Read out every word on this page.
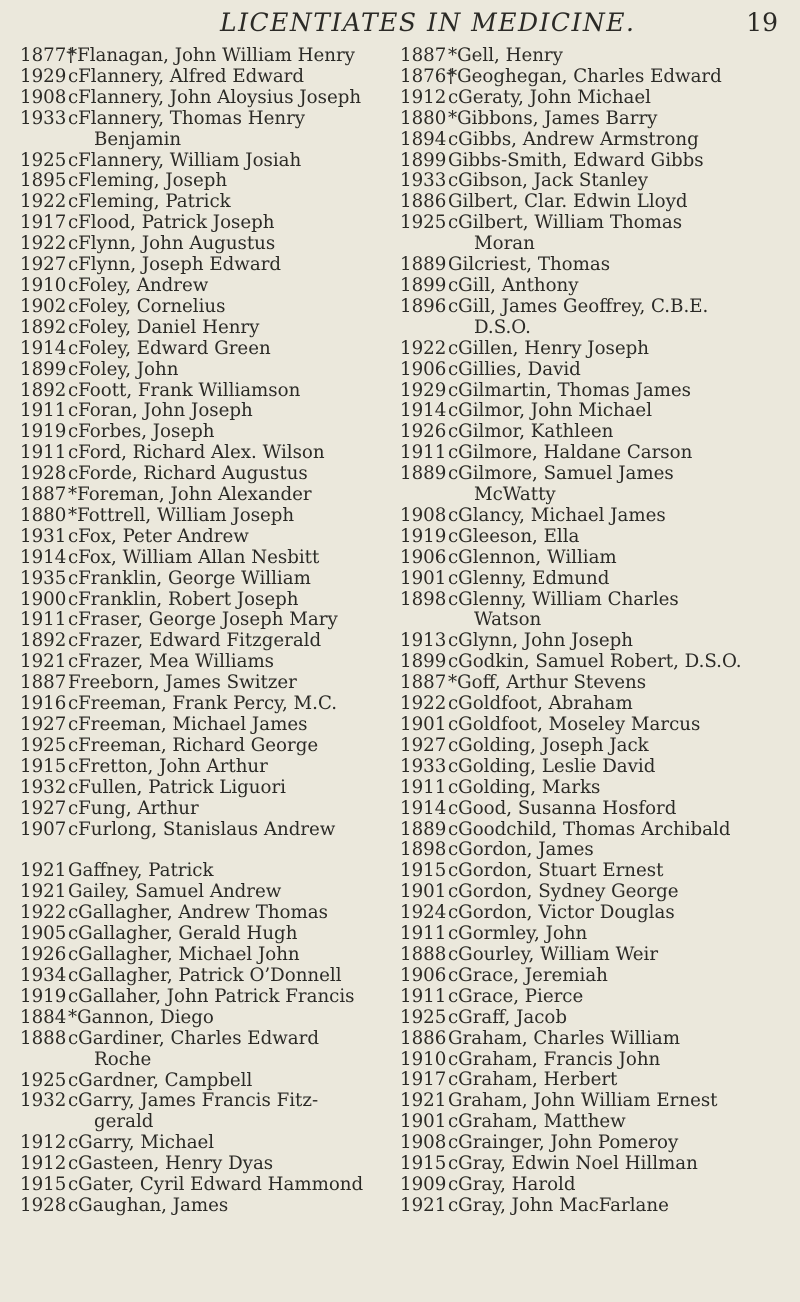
LICENTIATES IN MEDICINE.	19
1877†
*Flanagan, John William Henry
1929 cFlannery, Alfred Edward
1908 cFlannery, John Aloysius Joseph
1933 cFlannery, Thomas Henry
Benjamin
1925 cFlannery, William Josiah
1895 cFleming, Joseph
1922 cFleming, Patrick
1917 cFlood, Patrick Joseph
1922 cFlynn, John Augustus
1927 cFlynn, Joseph Edward
1910 cFoley, Andrew
1902 cFoley, Cornelius
1892 cFoley, Daniel Henry
1914 cFoley, Edward Green
1899 cFoley, John
1892 cFoott, Frank Williamson
1911 cForan, John Joseph
1919 cForbes, Joseph
1911 cFord, Richard Alex. Wilson
1928 cForde, Richard Augustus
1887 *Foreman, John Alexander
1880 *Fottrell, William Joseph
1931 cFox, Peter Andrew
1914 cFox, William Allan Nesbitt
1935 cFranklin, George William
1900 cFranklin, Robert Joseph
1911 cFraser, George Joseph Mary
1892 cFrazer, Edward Fitzgerald
1921 cFrazer, Mea Williams
1887 Freeborn, James Switzer
1916 cFreeman, Frank Percy, M.C.
1927 cFreeman, Michael James
1925 cFreeman, Richard George
1915 cFretton, John Arthur
1932 cFullen, Patrick Liguori
1927 cFung, Arthur
1907 cFurlong, Stanislaus Andrew
1921 Gaffney, Patrick
1921 Gailey, Samuel Andrew
1922 cGallagher, Andrew Thomas
1905 cGallagher, Gerald Hugh
1926 cGallagher, Michael John
1934 cGallagher, Patrick O’Donnell
1919 cGallaher, John Patrick Francis
1884 *Gannon, Diego
1888 cGardiner, Charles Edward
Roche
1925 cGardner, Campbell
1932 cGarry, James Francis Fitz-
gerald
1912 cGarry, Michael
1912 cGasteen, Henry Dyas
1915 cGater, Cyril Edward Hammond
1928 cGaughan, James
1887 *Gell, Henry
1876†
*Geoghegan, Charles Edward
1912 cGeraty, John Michael
1880 *Gibbons, James Barry
1894 cGibbs, Andrew Armstrong
1899 Gibbs-Smith, Edward Gibbs
1933 cGibson, Jack Stanley
1886 Gilbert, Clar. Edwin Lloyd
1925 cGilbert, William Thomas
Moran
1889 Gilcriest, Thomas
1899 cGill, Anthony
1896 cGill, James Geoffrey, C.B.E.
D.S.O.
1922 cGillen, Henry Joseph
1906 cGillies, David
1929 cGilmartin, Thomas James
1914 cGilmor, John Michael
1926 cGilmor, Kathleen
1911 cGilmore, Haldane Carson
1889 cGilmore, Samuel James
McWatty
1908 cGlancy, Michael James
1919 cGleeson, Ella
1906 cGlennon, William
1901 cGlenny, Edmund
1898 cGlenny, William Charles
Watson
1913 cGlynn, John Joseph
1899 cGodkin, Samuel Robert, D.S.O.
1887 *Goff, Arthur Stevens
1922 cGoldfoot, Abraham
1901 cGoldfoot, Moseley Marcus
1927 cGolding, Joseph Jack
1933 cGolding, Leslie David
1911 cGolding, Marks
1914 cGood, Susanna Hosford
1889 cGoodchild, Thomas Archibald
1898 cGordon, James
1915 cGordon, Stuart Ernest
1901 cGordon, Sydney George
1924 cGordon, Victor Douglas
1911 cGormley, John
1888 cGourley, William Weir
1906 cGrace, Jeremiah
1911 cGrace, Pierce
1925 cGraff, Jacob
1886 Graham, Charles William
1910 cGraham, Francis John
1917 cGraham, Herbert
1921 Graham, John William Ernest
1901 cGraham, Matthew
1908 cGrainger, John Pomeroy
1915 cGray, Edwin Noel Hillman
1909 cGray, Harold
1921 cGray, John MacFarlane
